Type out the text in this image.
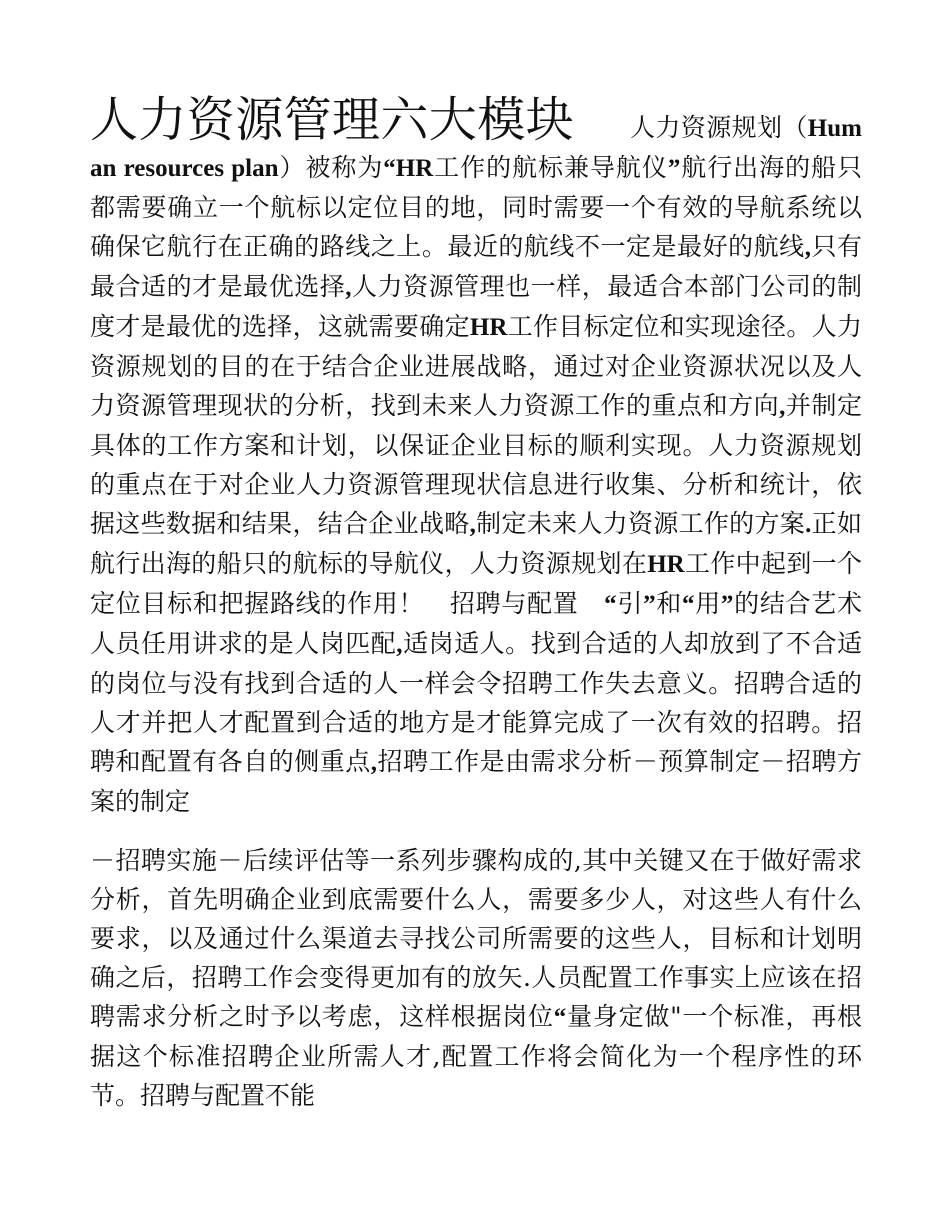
人力资源管理六大模块 人力资源规划（Human resources plan）被称为“HR工作的航标兼导航仪”航行出海的船只都需要确立一个航标以定位目的地，同时需要一个有效的导航系统以确保它航行在正确的路线之上。最近的航线不一定是最好的航线,只有最合适的才是最优选择,人力资源管理也一样，最适合本部门公司的制度才是最优的选择，这就需要确定HR工作目标定位和实现途径。人力资源规划的目的在于结合企业进展战略，通过对企业资源状况以及人力资源管理现状的分析，找到未来人力资源工作的重点和方向,并制定具体的工作方案和计划，以保证企业目标的顺利实现。人力资源规划的重点在于对企业人力资源管理现状信息进行收集、分析和统计，依据这些数据和结果，结合企业战略,制定未来人力资源工作的方案.正如航行出海的船只的航标的导航仪，人力资源规划在HR工作中起到一个定位目标和把握路线的作用！　招聘与配置　“引”和“用”的结合艺术　人员任用讲求的是人岗匹配,适岗适人。找到合适的人却放到了不合适的岗位与没有找到合适的人一样会令招聘工作失去意义。招聘合适的人才并把人才配置到合适的地方是才能算完成了一次有效的招聘。招聘和配置有各自的侧重点,招聘工作是由需求分析－预算制定－招聘方案的制定

－招聘实施－后续评估等一系列步骤构成的,其中关键又在于做好需求分析，首先明确企业到底需要什么人，需要多少人，对这些人有什么要求，以及通过什么渠道去寻找公司所需要的这些人，目标和计划明确之后，招聘工作会变得更加有的放矢.人员配置工作事实上应该在招聘需求分析之时予以考虑，这样根据岗位“量身定做"一个标准，再根据这个标准招聘企业所需人才,配置工作将会简化为一个程序性的环节。招聘与配置不能
